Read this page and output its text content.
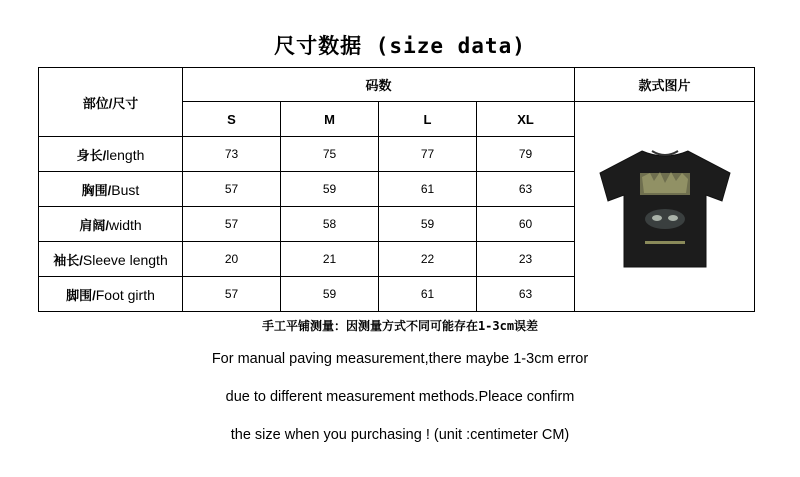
尺寸数据 (size data)
部位/尺寸	码数				款式图片
	S	M	L	XL	

身长/length	73	75	77	79	
胸围/Bust	57	59	61	63	
肩阔/width	57	58	59	60	
袖长/Sleeve length	20	21	22	23	
脚围/Foot girth	57	59	61	63	
手工平铺测量：因测量方式不同可能存在1-3cm误差
For manual paving measurement,there maybe 1-3cm error
due to different measurement methods.Pleace confirm
the size when you purchasing ! (unit :centimeter CM)
